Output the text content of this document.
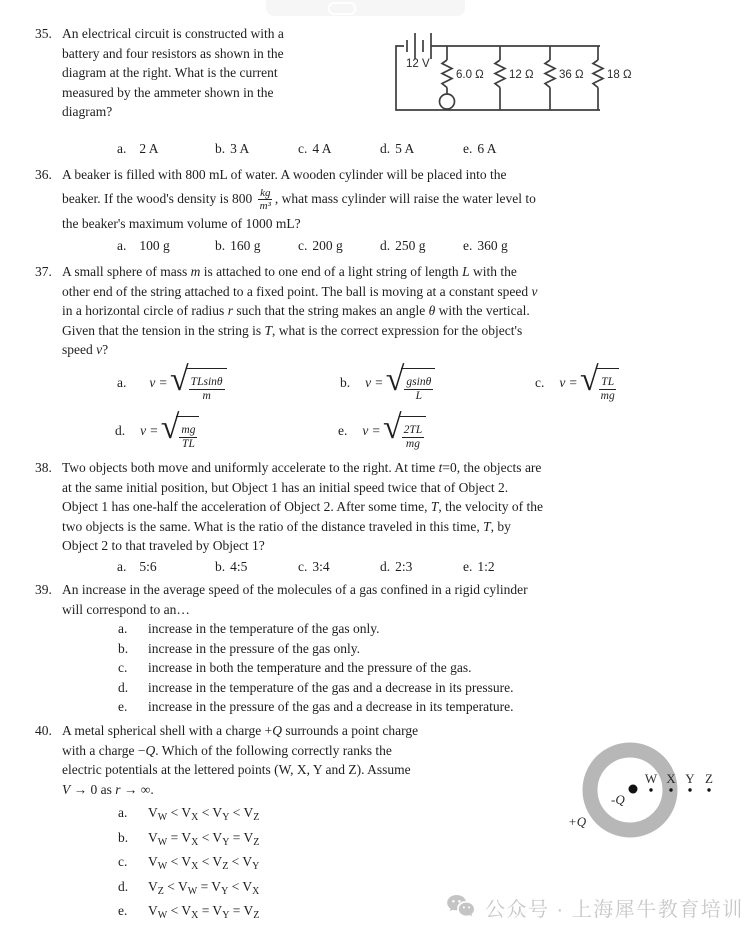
35. An electrical circuit is constructed with a
battery and four resistors as shown in the
diagram at the right. What is the current
measured by the ammeter shown in the
diagram?
a. 2 A	b. 3 A	c. 4 A	d. 5 A	e. 6 A
12 V
6.0 Ω 12 Ω 36 Ω 18 Ω
36. A beaker is filled with 800 mL of water. A wooden cylinder will be placed into the
beaker. If the wood's density is 800
$\frac{kg}{\text{m³}}$ , what mass cylinder will raise the water level to
the beaker's maximum volume of 1000 mL?
a. 100 g	b. 160 g	c. 200 g	d. 250 g	e. 360 g
37. A small sphere of mass m is attached to one end of a light string of length L with the
other end of the string attached to a fixed point. The ball is moving at a constant speed v
in a horizontal circle of radius r such that the string makes an angle θ with the vertical.
Given that the tension in the string is T, what is the correct expression for the object's
speed v?
a. v = √ $\frac{TLsin\theta}{m}$	b. v = √ $\frac{gsin\theta}{L}$	c. v = √ $\frac{TL}{mg}$
d. v = √ $\frac{mg}{TL}$	e. v = √ $\frac{2TL}{mg}$
38. Two objects both move and uniformly accelerate to the right. At time t=0, the objects are
at the same initial position, but Object 1 has an initial speed twice that of Object 2.
Object 1 has one-half the acceleration of Object 2. After some time, T, the velocity of the
two objects is the same. What is the ratio of the distance traveled in this time, T, by
Object 2 to that traveled by Object 1?
a. 5:6	b. 4:5	c. 3:4	d. 2:3	e. 1:2
39. An increase in the average speed of the molecules of a gas confined in a rigid cylinder
will correspond to an…
a. increase in the temperature of the gas only.
b. increase in the pressure of the gas only.
c. increase in both the temperature and the pressure of the gas.
d. increase in the temperature of the gas and a decrease in its pressure.
e. increase in the pressure of the gas and a decrease in its temperature.
40. A metal spherical shell with a charge +Q surrounds a point charge
with a charge −Q. Which of the following correctly ranks the
electric potentials at the lettered points (W, X, Y and Z). Assume
V → 0 as r → ∞.
a. $V_W < V_X < V_Y < V_Z$
b. $V_W = V_X < V_Y = V_Z$
c. $V_W < V_X < V_Z < V_Y$
d. $V_Z < V_W = V_Y < V_X$
e. $V_W < V_X = V_Y = V_Z$
W X Y Z
-Q
+Q
公众号 · 上海犀牛教育培训
